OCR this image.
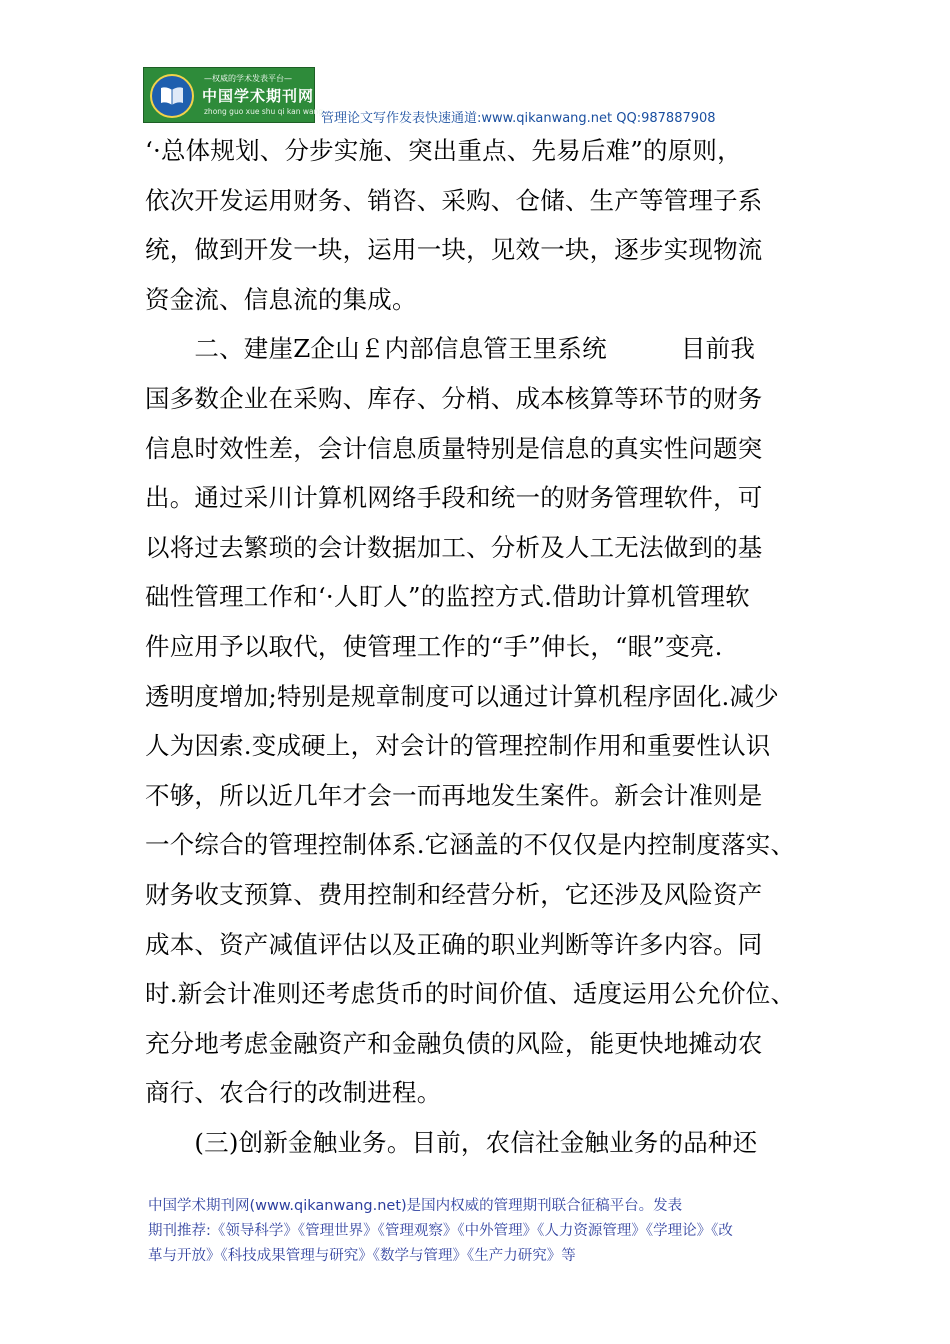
—权威的学术发表平台—
中国学术期刊网
zhong guo xue shu qi kan wang
管理论文写作发表快速通道:www.qikanwang.net QQ:987887908
‘·总体规划、分步实施、突出重点、先易后难”的原则，
依次开发运用财务、销咨、采购、仓储、生产等管理子系
统，做到开发一块，运用一块，见效一块，逐步实现物流
资金流、信息流的集成。
　　二、建崖Z企山￡内部信息管王里系统　　　目前我
国多数企业在采购、库存、分梢、成本核算等环节的财务
信息时效性差，会计信息质量特别是信息的真实性问题突
出。通过采川计算机网络手段和统一的财务管理软件，可
以将过去繁琐的会计数据加工、分析及人工无法做到的基
础性管理工作和‘·人盯人”的监控方式.借助计算机管理软
件应用予以取代，使管理工作的“手”伸长，“眼”变亮.
透明度增加;特别是规章制度可以通过计算机程序固化.减少
人为因索.变成硬上，对会计的管理控制作用和重要性认识
不够，所以近几年才会一而再地发生案件。新会计准则是
一个综合的管理控制体系.它涵盖的不仅仅是内控制度落实、
财务收支预算、费用控制和经营分析，它还涉及风险资产
成本、资产减值评估以及正确的职业判断等许多内容。同
时.新会计准则还考虑货币的时间价值、适度运用公允价位、
充分地考虑金融资产和金融负债的风险，能更快地摊动农
商行、农合行的改制进程。
　　(三)创新金触业务。目前，农信社金触业务的品种还
中国学术期刊网(www.qikanwang.net)是国内权威的管理期刊联合征稿平台。发表
期刊推荐:《领导科学》《管理世界》《管理观察》《中外管理》《人力资源管理》《学理论》《改
革与开放》《科技成果管理与研究》《数学与管理》《生产力研究》等
